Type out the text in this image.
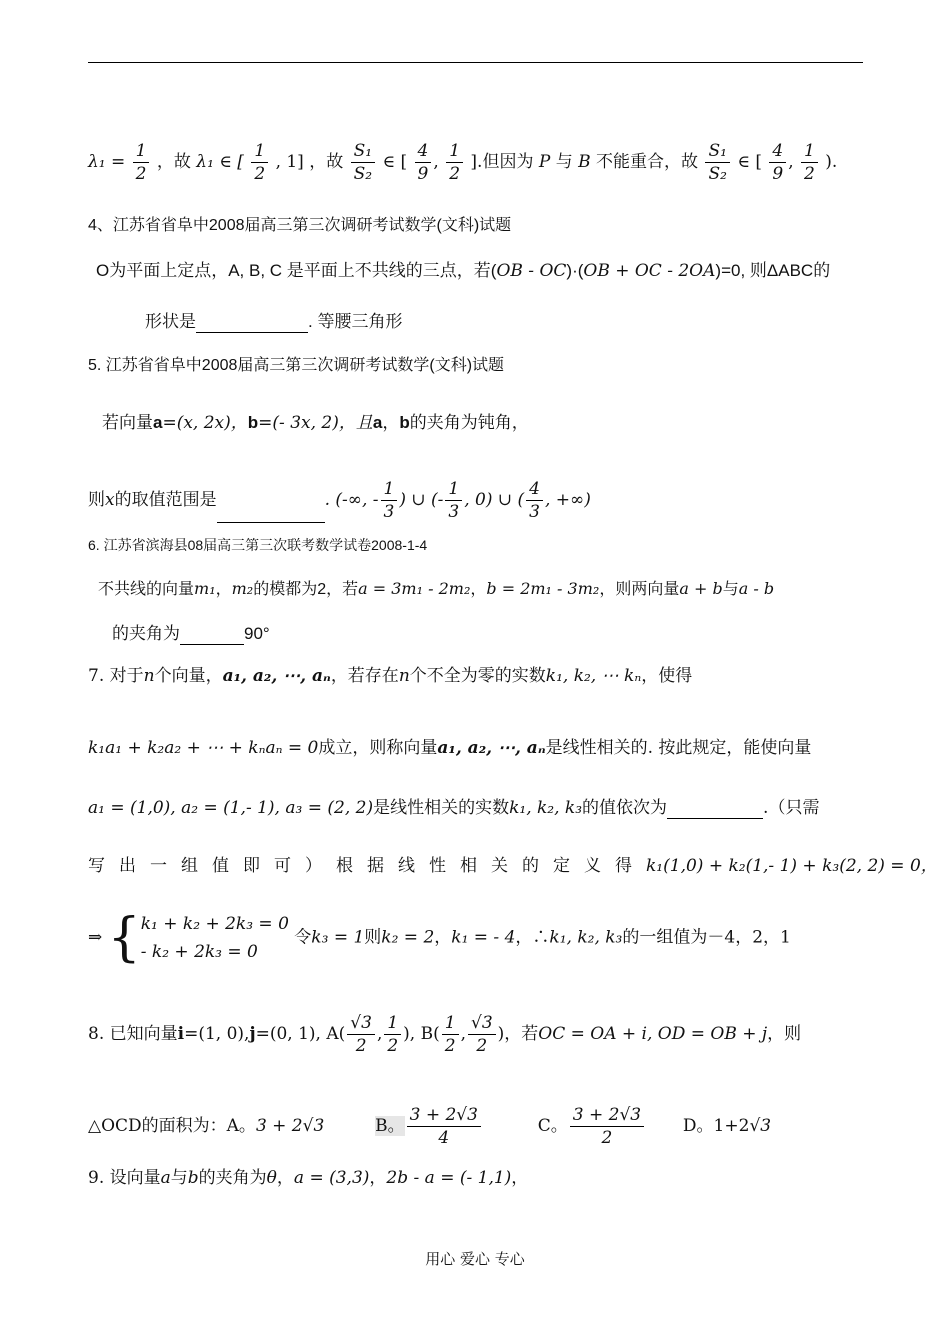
$\lambda_1 = \frac{1}{2}$ ，故 λ₁ ∈ [ $\frac{1}{2}$ , 1] ，故 $\frac{\text{S₁}}{\text{S₂}}$ ∈ [ $\frac{4}{9}$ , $\frac{1}{2}$ ].但因为 P 与 B 不能重合，故 $\frac{\text{S₁}}{\text{S₂}}$ ∈ [ $\frac{4}{9}$ , $\frac{1}{2}$ ).
4、江苏省省阜中2008届高三第三次调研考试数学(文科)试题
O为平面上定点，A, B, C 是平面上不共线的三点，若(OB - OC)·(OB + OC - 2OA)=0, 则ΔABC的
形状是	. 等腰三角形
5. 江苏省省阜中2008届高三第三次调研考试数学(文科)试题
若向量a=(x, 2x)，b=(- 3x, 2)，且a，b的夹角为钝角，
则x的取值范围是	. (-∞, - $\frac{1}{3}$ ) ∪ (- $\frac{1}{3}$ , 0) ∪ ( $\frac{4}{3}$ , +∞)
6. 江苏省滨海县08届高三第三次联考数学试卷2008-1-4
不共线的向量m₁，m₂的模都为2，若a = 3m₁ - 2m₂，b = 2m₁ - 3m₂，则两向量a + b与a - b
的夹角为	90°
7. 对于n个向量，a₁, a₂, ⋯, aₙ，若存在n个不全为零的实数k₁, k₂, ⋯ kₙ，使得
k₁a₁ + k₂a₂ + ⋯ + kₙaₙ = 0成立，则称向量a₁, a₂, ⋯, aₙ是线性相关的. 按此规定，能使向量
a₁ = (1,0), a₂ = (1,- 1), a₃ = (2, 2)是线性相关的实数k₁, k₂, k₃的值依次为	.（只需
写出一组值即可）根据线性相关的定义得k₁(1,0) + k₂(1,- 1) + k₃(2, 2) = 0，
⇒ { k₁ + k₂ + 2k₃ = 0
- k₂ + 2k₃ = 0
令k₃ = 1则k₂ = 2，k₁ = - 4，∴k₁, k₂, k₃的一组值为－4，2，1
8. 已知向量i=(1, 0),j=(0, 1), $A( \frac{√3}{2}$ , $\frac{1}{2}$ ), $B( \frac{1}{2}$ , $\frac{√3}{2}$ )，若OC = OA + i, OD = OB + j，则
△OCD的面积为：A。3 + 2√3	B。 $\frac{3 + 2√3}{4}$	C。 $\frac{3 + 2√3}{2}$ D。1+2√3
9. 设向量a与b的夹角为θ，a = (3,3)，2b - a = (- 1,1)，
用心 爱心 专心
